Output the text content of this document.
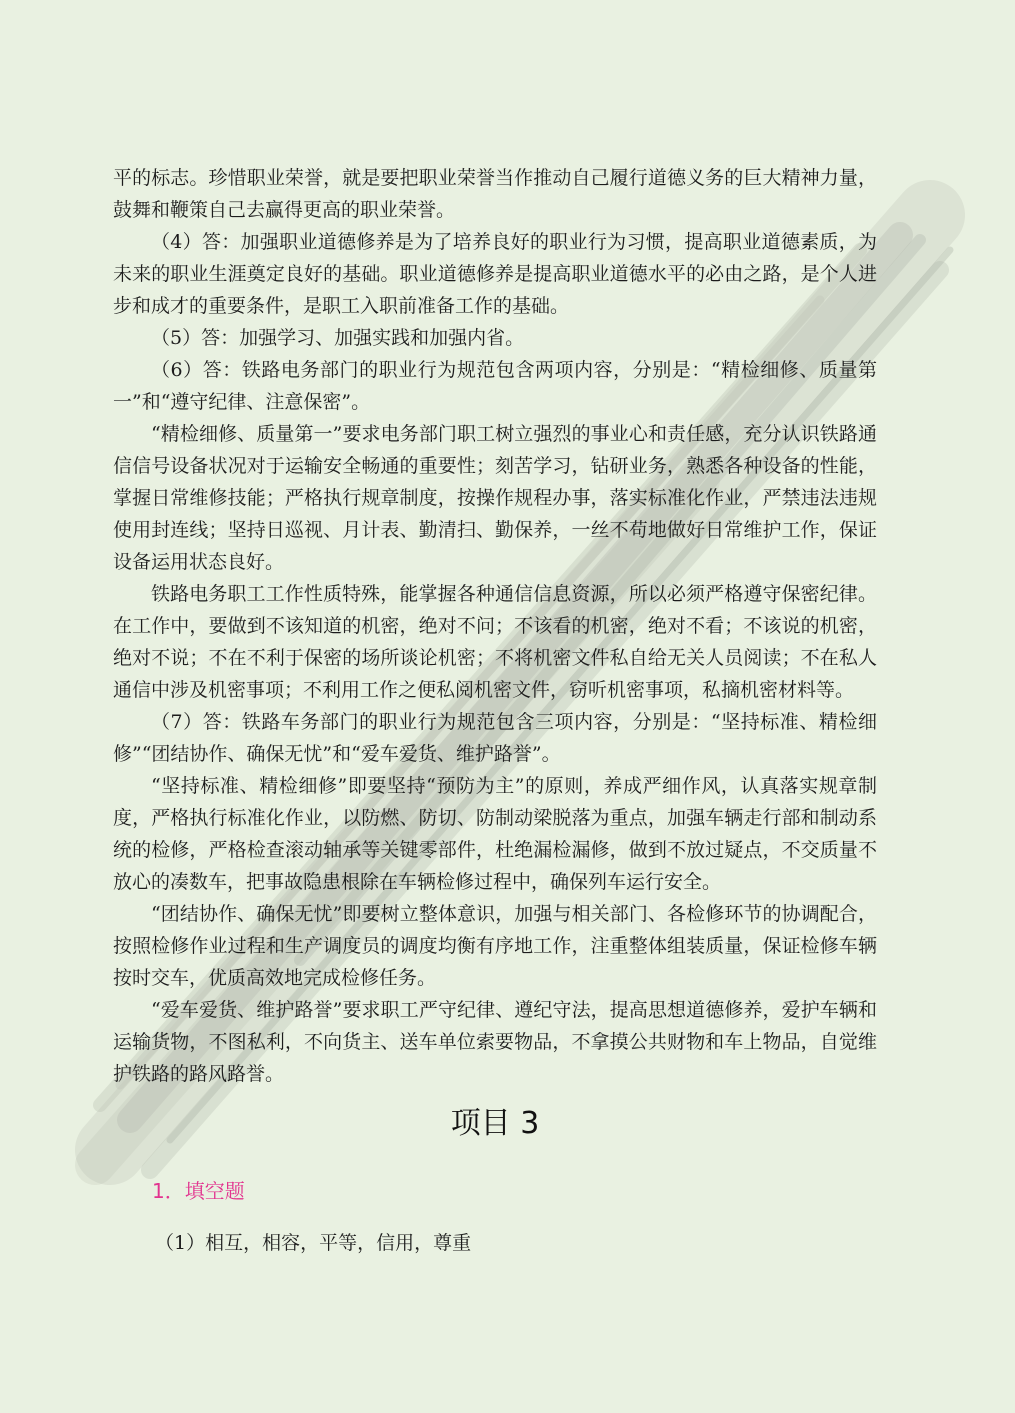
平的标志。珍惜职业荣誉，就是要把职业荣誉当作推动自己履行道德义务的巨大精神力量，鼓舞和鞭策自己去赢得更高的职业荣誉。

（4）答：加强职业道德修养是为了培养良好的职业行为习惯，提高职业道德素质，为未来的职业生涯奠定良好的基础。职业道德修养是提高职业道德水平的必由之路，是个人进步和成才的重要条件，是职工入职前准备工作的基础。

（5）答：加强学习、加强实践和加强内省。

（6）答：铁路电务部门的职业行为规范包含两项内容，分别是：“精检细修、质量第一”和“遵守纪律、注意保密”。

“精检细修、质量第一”要求电务部门职工树立强烈的事业心和责任感，充分认识铁路通信信号设备状况对于运输安全畅通的重要性；刻苦学习，钻研业务，熟悉各种设备的性能，掌握日常维修技能；严格执行规章制度，按操作规程办事，落实标准化作业，严禁违法违规使用封连线；坚持日巡视、月计表、勤清扫、勤保养，一丝不苟地做好日常维护工作，保证设备运用状态良好。

铁路电务职工工作性质特殊，能掌握各种通信信息资源，所以必须严格遵守保密纪律。在工作中，要做到不该知道的机密，绝对不问；不该看的机密，绝对不看；不该说的机密，绝对不说；不在不利于保密的场所谈论机密；不将机密文件私自给无关人员阅读；不在私人通信中涉及机密事项；不利用工作之便私阅机密文件，窃听机密事项，私摘机密材料等。

（7）答：铁路车务部门的职业行为规范包含三项内容，分别是：“坚持标准、精检细修”“团结协作、确保无忧”和“爱车爱货、维护路誉”。

“坚持标准、精检细修”即要坚持“预防为主”的原则，养成严细作风，认真落实规章制度，严格执行标准化作业，以防燃、防切、防制动梁脱落为重点，加强车辆走行部和制动系统的检修，严格检查滚动轴承等关键零部件，杜绝漏检漏修，做到不放过疑点，不交质量不放心的凑数车，把事故隐患根除在车辆检修过程中，确保列车运行安全。

“团结协作、确保无忧”即要树立整体意识，加强与相关部门、各检修环节的协调配合，按照检修作业过程和生产调度员的调度均衡有序地工作，注重整体组装质量，保证检修车辆按时交车，优质高效地完成检修任务。

“爱车爱货、维护路誉”要求职工严守纪律、遵纪守法，提高思想道德修养，爱护车辆和运输货物，不图私利，不向货主、送车单位索要物品，不拿摸公共财物和车上物品，自觉维护铁路的路风路誉。

项目 3
1．填空题

（1）相互，相容，平等，信用，尊重
